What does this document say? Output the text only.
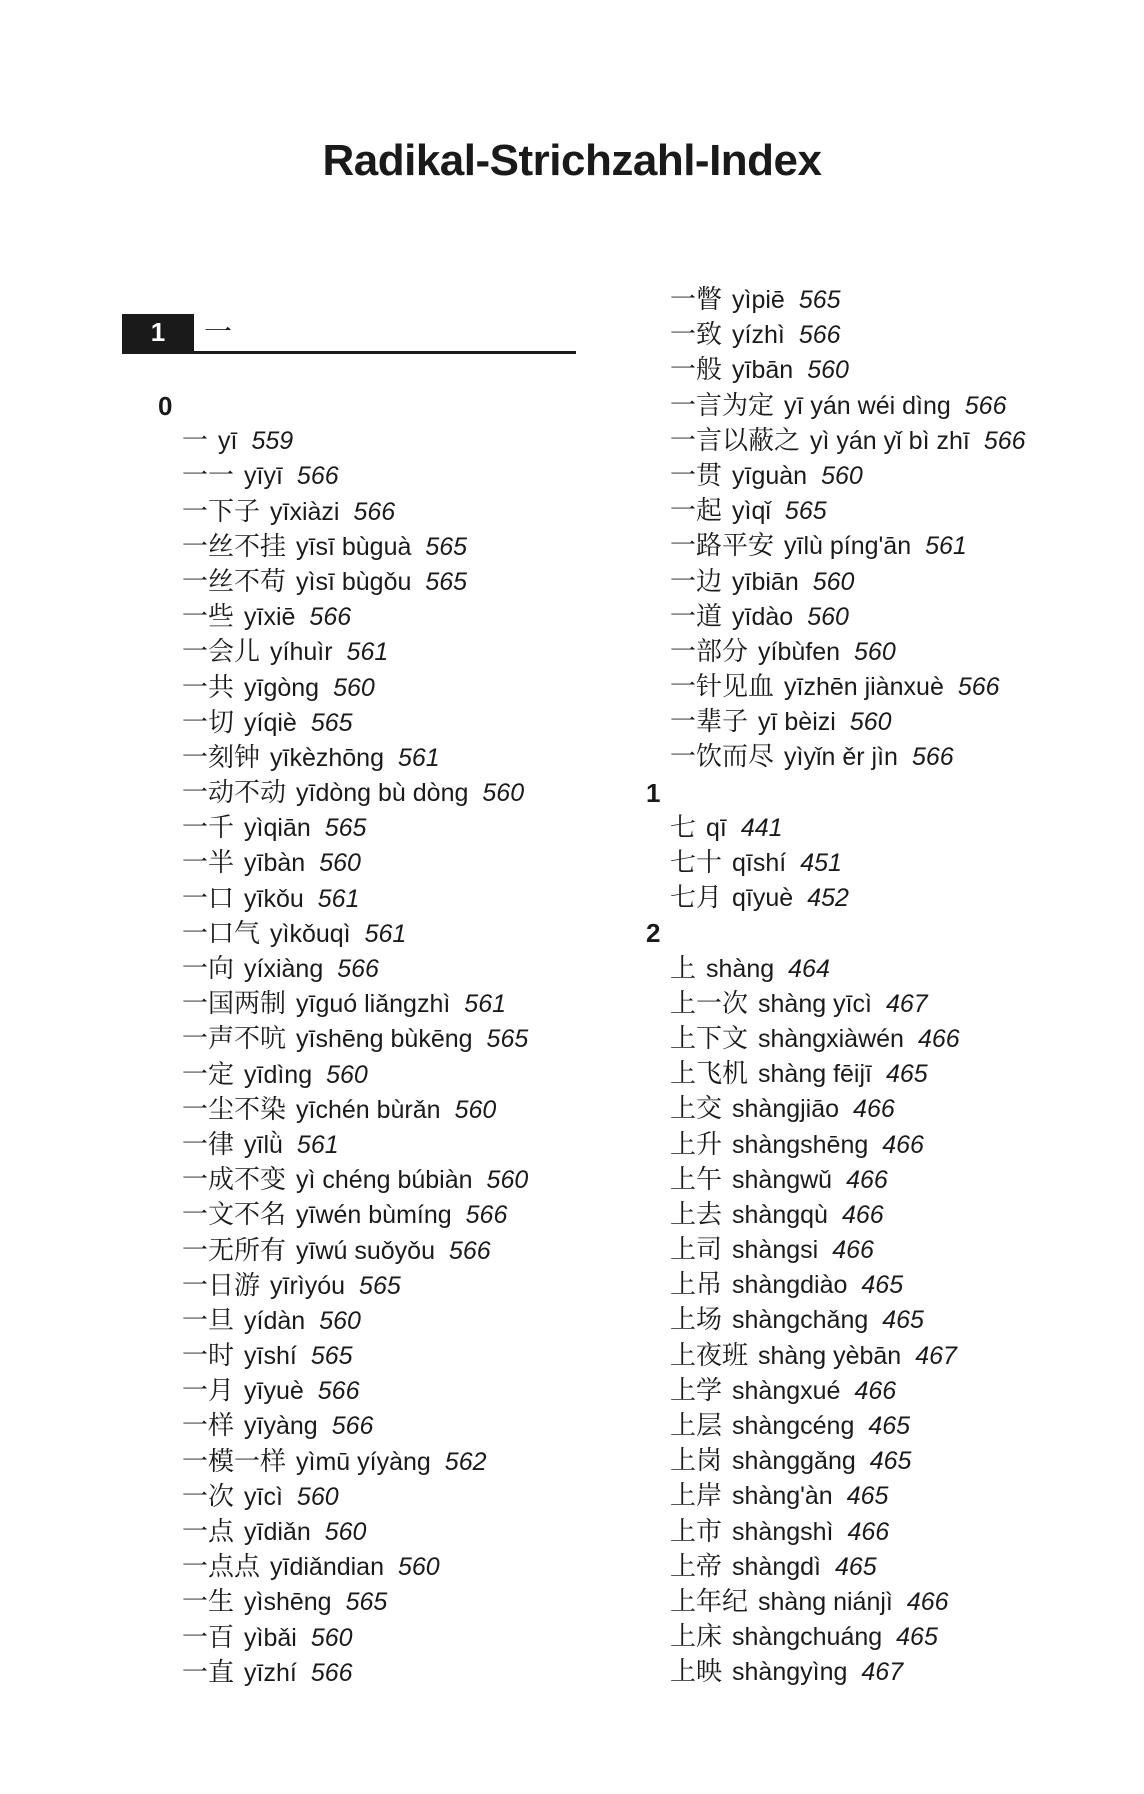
Radikal-Strichzahl-Index
1	一
0
一 yī 559
一一 yīyī 566
一下子 yīxiàzi 566
一丝不挂 yīsī bùguà 565
一丝不苟 yìsī bùgǒu 565
一些 yīxiē 566
一会儿 yíhuìr 561
一共 yīgòng 560
一切 yíqiè 565
一刻钟 yīkèzhōng 561
一动不动 yīdòng bù dòng 560
一千 yìqiān 565
一半 yībàn 560
一口 yīkǒu 561
一口气 yìkǒuqì 561
一向 yíxiàng 566
一国两制 yīguó liǎngzhì 561
一声不吭 yīshēng bùkēng 565
一定 yīdìng 560
一尘不染 yīchén bùrǎn 560
一律 yīlǜ 561
一成不变 yì chéng búbiàn 560
一文不名 yīwén bùmíng 566
一无所有 yīwú suǒyǒu 566
一日游 yīrìyóu 565
一旦 yídàn 560
一时 yīshí 565
一月 yīyuè 566
一样 yīyàng 566
一模一样 yìmū yíyàng 562
一次 yīcì 560
一点 yīdiǎn 560
一点点 yīdiǎndian 560
一生 yìshēng 565
一百 yìbǎi 560
一直 yīzhí 566
一瞥 yìpiē 565
一致 yízhì 566
一般 yībān 560
一言为定 yī yán wéi dìng 566
一言以蔽之 yì yán yǐ bì zhī 566
一贯 yīguàn 560
一起 yìqǐ 565
一路平安 yīlù píng'ān 561
一边 yībiān 560
一道 yīdào 560
一部分 yíbùfen 560
一针见血 yīzhēn jiànxuè 566
一辈子 yī bèizi 560
一饮而尽 yìyǐn ěr jìn 566
1
七 qī 441
七十 qīshí 451
七月 qīyuè 452
2
上 shàng 464
上一次 shàng yīcì 467
上下文 shàngxiàwén 466
上飞机 shàng fēijī 465
上交 shàngjiāo 466
上升 shàngshēng 466
上午 shàngwǔ 466
上去 shàngqù 466
上司 shàngsi 466
上吊 shàngdiào 465
上场 shàngchǎng 465
上夜班 shàng yèbān 467
上学 shàngxué 466
上层 shàngcéng 465
上岗 shànggǎng 465
上岸 shàng'àn 465
上市 shàngshì 466
上帝 shàngdì 465
上年纪 shàng niánjì 466
上床 shàngchuáng 465
上映 shàngyìng 467
